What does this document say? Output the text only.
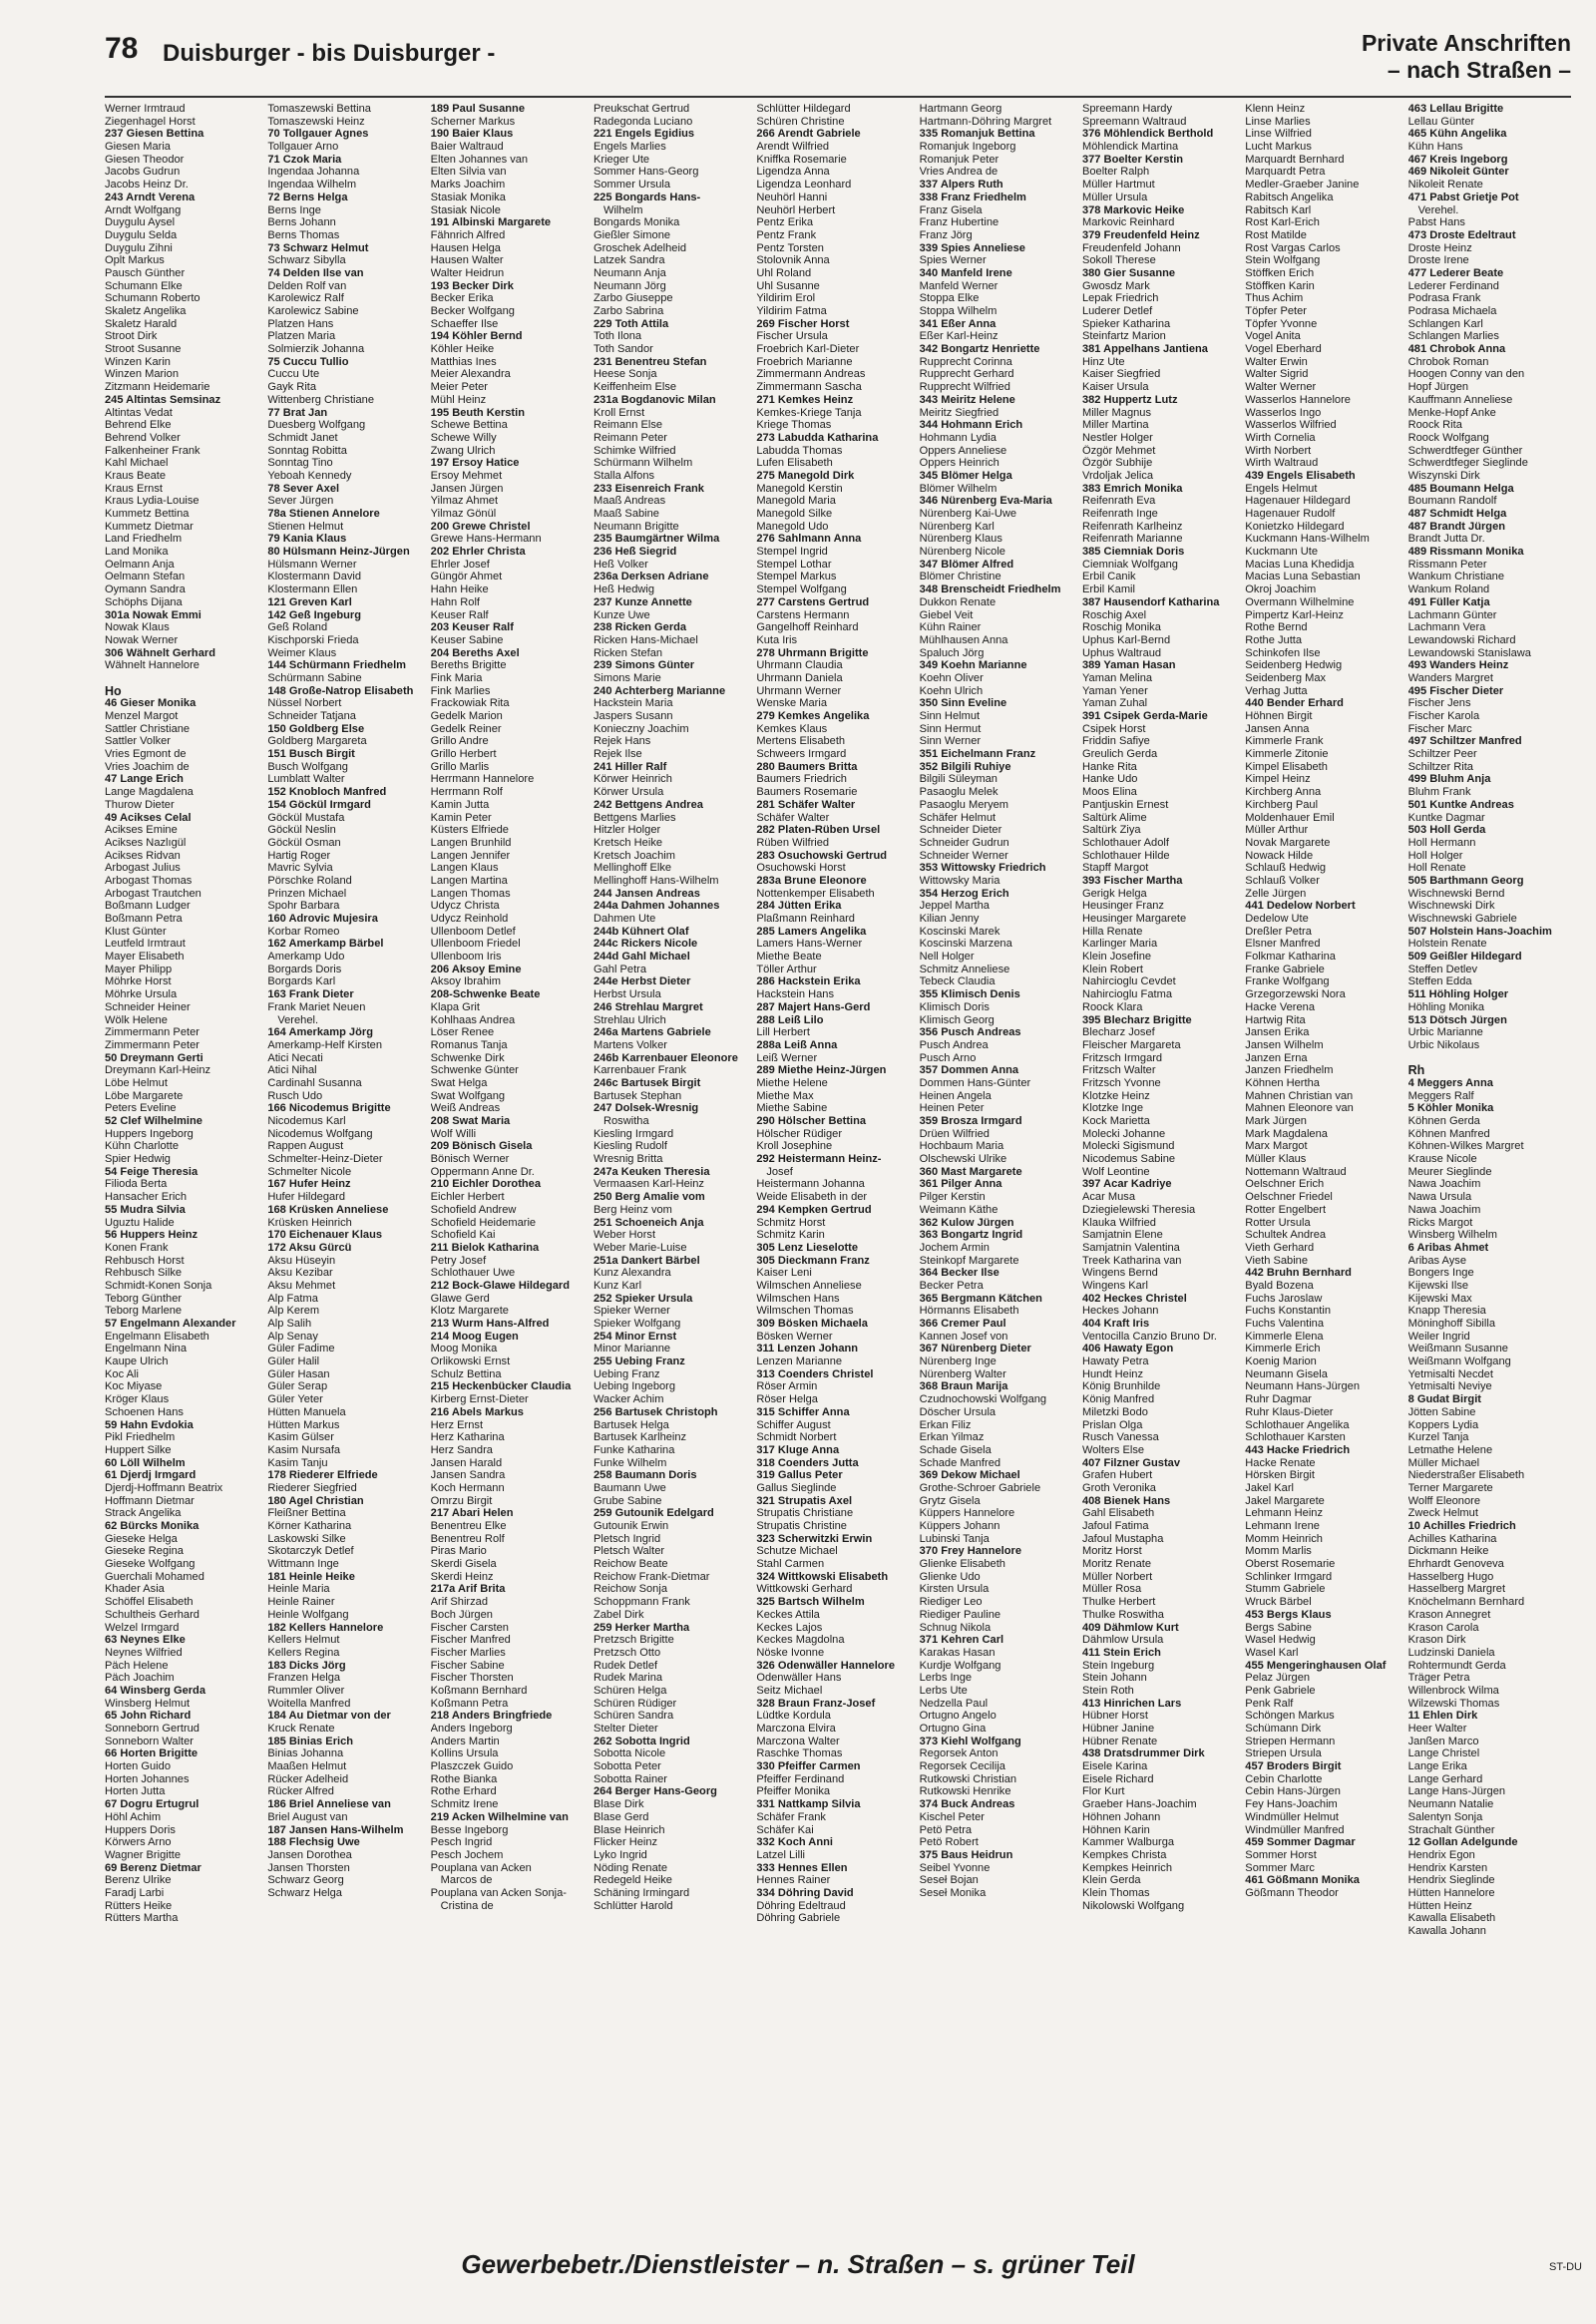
78 Duisburger - bis Duisburger -	Private Anschriften
– nach Straßen –
Werner Irmtraud
Ziegenhagel Horst
237 Giesen Bettina
Giesen Maria
Giesen Theodor
Jacobs Gudrun
Jacobs Heinz Dr.
243 Arndt Verena
Arndt Wolfgang
Duygulu Aysel
Duygulu Selda
Duygulu Zihni
Oplt Markus
Pausch Günther
Schumann Elke
Schumann Roberto
Skaletz Angelika
Skaletz Harald
Stroot Dirk
Stroot Susanne
Winzen Karin
Winzen Marion
Zitzmann Heidemarie
245 Altintas Semsinaz
Altintas Vedat
Behrend Elke
Behrend Volker
Falkenheiner Frank
Kahl Michael
Kraus Beate
Kraus Ernst
Kraus Lydia-Louise
Kummetz Bettina
Kummetz Dietmar
Land Friedhelm
Land Monika
Oelmann Anja
Oelmann Stefan
Oymann Sandra
Schöphs Dijana
301a Nowak Emmi
Nowak Klaus
Nowak Werner
306 Wähnelt Gerhard
Wähnelt Hannelore

Ho
46 Gieser Monika
Menzel Margot
Sattler Christiane
Sattler Volker
Vries Egmont de
Vries Joachim de
47 Lange Erich
Lange Magdalena
Thurow Dieter
49 Acikses Celal
Acikses Emine
Acikses Nazlıgül
Acikses Ridvan
Arbogast Julius
Arbogast Thomas
Arbogast Trautchen
Boßmann Ludger
Boßmann Petra
Klust Günter
Leutfeld Irmtraut
Mayer Elisabeth
Mayer Philipp
Möhrke Horst
Möhrke Ursula
Schneider Heiner
Wölk Helene
Zimmermann Peter
Zimmermann Peter
50 Dreymann Gerti
Dreymann Karl-Heinz
Löbe Helmut
Löbe Margarete
Peters Eveline
52 Clef Wilhelmine
Huppers Ingeborg
Kühn Charlotte
Spier Hedwig
54 Feige Theresia
Filioda Berta
Hansacher Erich
55 Mudra Silvia
Uguztu Halide
56 Huppers Heinz
Konen Frank
Rehbusch Horst
Rehbusch Silke
Schmidt-Konen Sonja
Teborg Günther
Teborg Marlene
57 Engelmann Alexander
Engelmann Elisabeth
Engelmann Nina
Kaupe Ulrich
Koc Ali
Koc Miyase
Kröger Klaus
Schoenen Hans
59 Hahn Evdokia
Pikl Friedhelm
Huppert Silke
60 Löll Wilhelm
61 Djerdj Irmgard
Djerdj-Hoffmann Beatrix
Hoffmann Dietmar
Strack Angelika
62 Bürcks Monika
Gieseke Helga
Gieseke Regina
Gieseke Wolfgang
Guerchali Mohamed
Khader Asia
Schöffel Elisabeth
Schultheis Gerhard
Welzel Irmgard
63 Neynes Elke
Neynes Wilfried
Päch Helene
Päch Joachim
64 Winsberg Gerda
Winsberg Helmut
65 John Richard
Sonneborn Gertrud
Sonneborn Walter
66 Horten Brigitte
Horten Guido
Horten Johannes
Horten Jutta
67 Dogru Ertugrul
Höhl Achim
Huppers Doris
Körwers Arno
Wagner Brigitte
69 Berenz Dietmar
Berenz Ulrike
Faradj Larbi
Rütters Heike
Rütters Martha
Tomaszewski Bettina
Tomaszewski Heinz
70 Tollgauer Agnes
Tollgauer Arno
71 Czok Maria
Ingendaa Johanna
Ingendaa Wilhelm
72 Berns Helga
Berns Inge
Berns Johann
Berns Thomas
73 Schwarz Helmut
Schwarz Sibylla
74 Delden Ilse van
Delden Rolf van
Karolewicz Ralf
Karolewicz Sabine
Platzen Hans
Platzen Maria
Solmierzik Johanna
75 Cuccu Tullio
Cuccu Ute
Gayk Rita
Wittenberg Christiane
77 Brat Jan
Duesberg Wolfgang
Schmidt Janet
Sonntag Robitta
Sonntag Tino
Yeboah Kennedy
78 Sever Axel
Sever Jürgen
78a Stienen Annelore
Stienen Helmut
79 Kania Klaus
80 Hülsmann Heinz-Jürgen
Hülsmann Werner
Klostermann David
Klostermann Ellen
121 Greven Karl
142 Geß Ingeburg
Geß Roland
Kischporski Frieda
Weimer Klaus
144 Schürmann Friedhelm
Schürmann Sabine
148 Große-Natrop Elisabeth
Nüssel Norbert
Schneider Tatjana
150 Goldberg Else
Goldberg Margareta
151 Busch Birgit
Busch Wolfgang
Lumblatt Walter
152 Knobloch Manfred
154 Göckül Irmgard
Göckül Mustafa
Göckül Neslin
Göckül Osman
Hartig Roger
Mavric Sylvia
Pörschke Roland
Prinzen Michael
Spohr Barbara
160 Adrovic Mujesira
Korbar Romeo
162 Amerkamp Bärbel
Amerkamp Udo
Borgards Doris
Borgards Karl
163 Frank Dieter
Frank Mariet Neuen
Verehel.
164 Amerkamp Jörg
Amerkamp-Helf Kirsten
Atici Necati
Atici Nihal
Cardinahl Susanna
Rusch Udo
166 Nicodemus Brigitte
Nicodemus Karl
Nicodemus Wolfgang
Rappen August
Schmelter-Heinz-Dieter
Schmelter Nicole
167 Hufer Heinz
Hufer Hildegard
168 Krüsken Anneliese
Krüsken Heinrich
170 Eichenauer Klaus
172 Aksu Gürcü
Aksu Hüseyin
Aksu Kezibar
Aksu Mehmet
Alp Fatma
Alp Kerem
Alp Salih
Alp Senay
Güler Fadime
Güler Halil
Güler Hasan
Güler Serap
Güler Yeter
Hütten Manuela
Hütten Markus
Kasim Gülser
Kasim Nursafa
Kasim Tanju
178 Riederer Elfriede
Riederer Siegfried
180 Agel Christian
Fleißner Bettina
Körner Katharina
Laskowski Silke
Skotarczyk Detlef
Wittmann Inge
181 Heinle Heike
Heinle Maria
Heinle Rainer
Heinle Wolfgang
182 Kellers Hannelore
Kellers Helmut
Kellers Regina
183 Dicks Jörg
Franzen Helga
Rummler Oliver
Woitella Manfred
184 Au Dietmar von der
Kruck Renate
185 Binias Erich
Binias Johanna
Maaßen Helmut
Rücker Adelheid
Rücker Alfred
186 Briel Anneliese van
Briel August van
187 Jansen Hans-Wilhelm
188 Flechsig Uwe
Jansen Dorothea
Jansen Thorsten
Schwarz Georg
Schwarz Helga
189 Paul Susanne
Scherner Markus
190 Baier Klaus
Baier Waltraud
Elten Johannes van
Elten Silvia van
Marks Joachim
Stasiak Monika
Stasiak Nicole
191 Albinski Margarete
Fähnrich Alfred
Hausen Helga
Hausen Walter
Walter Heidrun
193 Becker Dirk
Becker Erika
Becker Wolfgang
Schaeffer Ilse
194 Köhler Bernd
Köhler Heike
Matthias Ines
Meier Alexandra
Meier Peter
Mühl Heinz
195 Beuth Kerstin
Schewe Bettina
Schewe Willy
Zwang Ulrich
197 Ersoy Hatice
Ersoy Mehmet
Jansen Jürgen
Yilmaz Ahmet
Yilmaz Gönül
200 Grewe Christel
Grewe Hans-Hermann
202 Ehrler Christa
Ehrler Josef
Güngör Ahmet
Hahn Heike
Hahn Rolf
Keuser Ralf
203 Keuser Ralf
Keuser Sabine
204 Bereths Axel
Bereths Brigitte
Fink Maria
Fink Marlies
Frackowiak Rita
Gedelk Marion
Gedelk Reiner
Grillo Andre
Grillo Herbert
Grillo Marlis
Herrmann Hannelore
Herrmann Rolf
Kamin Jutta
Kamin Peter
Küsters Elfriede
Langen Brunhild
Langen Jennifer
Langen Klaus
Langen Martina
Langen Thomas
Udycz Christa
Udycz Reinhold
Ullenboom Detlef
Ullenboom Friedel
Ullenboom Iris
206 Aksoy Emine
Aksoy Ibrahim
208-Schwenke Beate
Klapa Grit
Kohlhaas Andrea
Löser Renee
Romanus Tanja
Schwenke Dirk
Schwenke Günter
Swat Helga
Swat Wolfgang
Weiß Andreas
208 Swat Maria
Wolf Willi
209 Bönisch Gisela
Bönisch Werner
Oppermann Anne Dr.
210 Eichler Dorothea
Eichler Herbert
Schofield Andrew
Schofield Heidemarie
Schofield Kai
211 Bielok Katharina
Petry Josef
Schlothauer Uwe
212 Bock-Glawe Hildegard
Glawe Gerd
Klotz Margarete
213 Wurm Hans-Alfred
214 Moog Eugen
Moog Monika
Orlikowski Ernst
Schulz Bettina
215 Heckenbücker Claudia
Kirberg Ernst-Dieter
216 Abels Markus
Herz Ernst
Herz Katharina
Herz Sandra
Jansen Harald
Jansen Sandra
Koch Hermann
Omrzu Birgit
217 Abari Helen
Benentreu Elke
Benentreu Rolf
Piras Mario
Skerdi Gisela
Skerdi Heinz
217a Arif Brita
Arif Shirzad
Boch Jürgen
Fischer Carsten
Fischer Manfred
Fischer Marlies
Fischer Sabine
Fischer Thorsten
Koßmann Bernhard
Koßmann Petra
218 Anders Bringfriede
Anders Ingeborg
Anders Martin
Kollins Ursula
Plaszczek Guido
Rothe Bianka
Rothe Erhard
Schmitz Irene
219 Acken Wilhelmine van
Besse Ingeborg
Pesch Ingrid
Pesch Jochem
Pouplana van Acken
Marcos de
Pouplana van Acken Sonja-
Cristina de
Preukschat Gertrud
Radegonda Luciano
221 Engels Egidius
Engels Marlies
Krieger Ute
Sommer Hans-Georg
Sommer Ursula
225 Bongards Hans-
Wilhelm
Bongards Monika
Gießler Simone
Groschek Adelheid
Latzek Sandra
Neumann Anja
Neumann Jörg
Zarbo Giuseppe
Zarbo Sabrina
229 Toth Attila
Toth Ilona
Toth Sandor
231 Benentreu Stefan
Heese Sonja
Keiffenheim Else
231a Bogdanovic Milan
Kroll Ernst
Reimann Else
Reimann Peter
Schimke Wilfried
Schürmann Wilhelm
Stalla Alfons
233 Eisenreich Frank
Maaß Andreas
Maaß Sabine
Neumann Brigitte
235 Baumgärtner Wilma
236 Heß Siegrid
Heß Volker
236a Derksen Adriane
Heß Hedwig
237 Kunze Annette
Kunze Uwe
238 Ricken Gerda
Ricken Hans-Michael
Ricken Stefan
239 Simons Günter
Simons Marie
240 Achterberg Marianne
Hackstein Maria
Jaspers Susann
Konieczny Joachim
Rejek Hans
Rejek Ilse
241 Hiller Ralf
Körwer Heinrich
Körwer Ursula
242 Bettgens Andrea
Bettgens Marlies
Hitzler Holger
Kretsch Heike
Kretsch Joachim
Mellinghoff Elke
Mellinghoff Hans-Wilhelm
244 Jansen Andreas
244a Dahmen Johannes
Dahmen Ute
244b Kühnert Olaf
244c Rickers Nicole
244d Gahl Michael
Gahl Petra
244e Herbst Dieter
Herbst Ursula
246 Strehlau Margret
Strehlau Ulrich
246a Martens Gabriele
Martens Volker
246b Karrenbauer Eleonore
Karrenbauer Frank
246c Bartusek Birgit
Bartusek Stephan
247 Dolsek-Wresnig
Roswitha
Kiesling Irmgard
Kiesling Rudolf
Wresnig Britta
247a Keuken Theresia
Vermaasen Karl-Heinz
250 Berg Amalie vom
Berg Heinz vom
251 Schoeneich Anja
Weber Horst
Weber Marie-Luise
251a Dankert Bärbel
Kunz Alexandra
Kunz Karl
252 Spieker Ursula
Spieker Werner
Spieker Wolfgang
254 Minor Ernst
Minor Marianne
255 Uebing Franz
Uebing Franz
Uebing Ingeborg
Wacker Achim
256 Bartusek Christoph
Bartusek Helga
Bartusek Karlheinz
Funke Katharina
Funke Wilhelm
258 Baumann Doris
Baumann Uwe
Grube Sabine
259 Gutounik Edelgard
Gutounik Erwin
Pletsch Ingrid
Pletsch Walter
Reichow Beate
Reichow Frank-Dietmar
Reichow Sonja
Schoppmann Frank
Zabel Dirk
259 Herker Martha
Pretzsch Brigitte
Pretzsch Otto
Rudek Detlef
Rudek Marina
Schüren Helga
Schüren Rüdiger
Schüren Sandra
Stelter Dieter
262 Sobotta Ingrid
Sobotta Nicole
Sobotta Peter
Sobotta Rainer
264 Berger Hans-Georg
Blase Dirk
Blase Gerd
Blase Heinrich
Flicker Heinz
Lyko Ingrid
Nöding Renate
Redegeld Heike
Schäning Irmingard
Schlütter Harold
Schlütter Hildegard
Schüren Christine
266 Arendt Gabriele
Arendt Wilfried
Kniffka Rosemarie
Ligendza Anna
Ligendza Leonhard
Neuhörl Hanni
Neuhörl Herbert
Pentz Erika
Pentz Frank
Pentz Torsten
Stolovnik Anna
Uhl Roland
Uhl Susanne
Yildirim Erol
Yildirim Fatma
269 Fischer Horst
Fischer Ursula
Froebrich Karl-Dieter
Froebrich Marianne
Zimmermann Andreas
Zimmermann Sascha
271 Kemkes Heinz
Kemkes-Kriege Tanja
Kriege Thomas
273 Labudda Katharina
Labudda Thomas
Lufen Elisabeth
275 Manegold Dirk
Manegold Kerstin
Manegold Maria
Manegold Silke
Manegold Udo
276 Sahlmann Anna
Stempel Ingrid
Stempel Lothar
Stempel Markus
Stempel Wolfgang
277 Carstens Gertrud
Carstens Hermann
Gangelhoff Reinhard
Kuta Iris
278 Uhrmann Brigitte
Uhrmann Claudia
Uhrmann Daniela
Uhrmann Werner
Wenske Maria
279 Kemkes Angelika
Kemkes Klaus
Mertens Elisabeth
Schweers Irmgard
280 Baumers Britta
Baumers Friedrich
Baumers Rosemarie
281 Schäfer Walter
Schäfer Walter
282 Platen-Rüben Ursel
Rüben Wilfried
283 Osuchowski Gertrud
Osuchowski Horst
283a Brune Eleonore
Nottenkemper Elisabeth
284 Jütten Erika
Plaßmann Reinhard
285 Lamers Angelika
Lamers Hans-Werner
Miethe Beate
Töller Arthur
286 Hackstein Erika
Hackstein Hans
287 Majert Hans-Gerd
288 Leiß Lilo
Lill Herbert
288a Leiß Anna
Leiß Werner
289 Miethe Heinz-Jürgen
Miethe Helene
Miethe Max
Miethe Sabine
290 Hölscher Bettina
Hölscher Rüdiger
Kroll Josephine
292 Heistermann Heinz-
Josef
Heistermann Johanna
Weide Elisabeth in der
294 Kempken Gertrud
Schmitz Horst
Schmitz Karin
305 Lenz Lieselotte
305 Dieckmann Franz
Kaiser Leni
Wilmschen Anneliese
Wilmschen Hans
Wilmschen Thomas
309 Bösken Michaela
Bösken Werner
311 Lenzen Johann
Lenzen Marianne
313 Coenders Christel
Röser Armin
Röser Helga
315 Schiffer Anna
Schiffer August
Schmidt Norbert
317 Kluge Anna
318 Coenders Jutta
319 Gallus Peter
Gallus Sieglinde
321 Strupatis Axel
Strupatis Christiane
Strupatis Christine
323 Scherwitzki Erwin
Schutze Michael
Stahl Carmen
324 Wittkowski Elisabeth
Wittkowski Gerhard
325 Bartsch Wilhelm
Keckes Attila
Keckes Lajos
Keckes Magdolna
Nöske Ivonne
326 Odenwäller Hannelore
Odenwäller Hans
Seitz Michael
328 Braun Franz-Josef
Lüdtke Kordula
Marczona Elvira
Marczona Walter
Raschke Thomas
330 Pfeiffer Carmen
Pfeiffer Ferdinand
Pfeiffer Monika
331 Nattkamp Silvia
Schäfer Frank
Schäfer Kai
332 Koch Anni
Latzel Lilli
333 Hennes Ellen
Hennes Rainer
334 Döhring David
Döhring Edeltraud
Döhring Gabriele
Hartmann Georg
Hartmann-Döhring Margret
335 Romanjuk Bettina
Romanjuk Ingeborg
Romanjuk Peter
Vries Andrea de
337 Alpers Ruth
338 Franz Friedhelm
Franz Gisela
Franz Hubertine
Franz Jörg
339 Spies Anneliese
Spies Werner
340 Manfeld Irene
Manfeld Werner
Stoppa Elke
Stoppa Wilhelm
341 Eßer Anna
Eßer Karl-Heinz
342 Bongartz Henriette
Rupprecht Corinna
Rupprecht Gerhard
Rupprecht Wilfried
343 Meiritz Helene
Meiritz Siegfried
344 Hohmann Erich
Hohmann Lydia
Oppers Anneliese
Oppers Heinrich
345 Blömer Helga
Blömer Wilhelm
346 Nürenberg Eva-Maria
Nürenberg Kai-Uwe
Nürenberg Karl
Nürenberg Klaus
Nürenberg Nicole
347 Blömer Alfred
Blömer Christine
348 Brenscheidt Friedhelm
Dukkon Renate
Giebel Veit
Kühn Rainer
Mühlhausen Anna
Spaluch Jörg
349 Koehn Marianne
Koehn Oliver
Koehn Ulrich
350 Sinn Eveline
Sinn Helmut
Sinn Hermut
Sinn Werner
351 Eichelmann Franz
352 Bilgili Ruhiye
Bilgili Süleyman
Pasaoglu Melek
Pasaoglu Meryem
Schäfer Helmut
Schneider Dieter
Schneider Gudrun
Schneider Werner
353 Wittowsky Friedrich
Wittowsky Maria
354 Herzog Erich
Jeppel Martha
Kilian Jenny
Koscinski Marek
Koscinski Marzena
Nell Holger
Schmitz Anneliese
Tebeck Claudia
355 Klimisch Denis
Klimisch Doris
Klimisch Georg
356 Pusch Andreas
Pusch Andrea
Pusch Arno
357 Dommen Anna
Dommen Hans-Günter
Heinen Angela
Heinen Peter
359 Brosza Irmgard
Drüen Wilfried
Hochbaum Maria
Olschewski Ulrike
360 Mast Margarete
361 Pilger Anna
Pilger Kerstin
Weimann Käthe
362 Kulow Jürgen
363 Bongartz Ingrid
Jochem Armin
Steinkopf Margarete
364 Becker Ilse
Becker Petra
365 Bergmann Kätchen
Hörmanns Elisabeth
366 Cremer Paul
Kannen Josef von
367 Nürenberg Dieter
Nürenberg Inge
Nürenberg Walter
368 Braun Marija
Czudnochowski Wolfgang
Döscher Ursula
Erkan Filiz
Erkan Yilmaz
Schade Gisela
Schade Manfred
369 Dekow Michael
Grothe-Schroer Gabriele
Grytz Gisela
Küppers Hannelore
Küppers Johann
Lubinski Tanja
370 Frey Hannelore
Glienke Elisabeth
Glienke Udo
Kirsten Ursula
Riediger Leo
Riediger Pauline
Schnug Nikola
371 Kehren Carl
Karakas Hasan
Kurdje Wolfgang
Lerbs Inge
Lerbs Ute
Nedzella Paul
Ortugno Angelo
Ortugno Gina
373 Kiehl Wolfgang
Regorsek Anton
Regorsek Cecilija
Rutkowski Christian
Rutkowski Henrike
374 Buck Andreas
Kischel Peter
Petö Petra
Petö Robert
375 Baus Heidrun
Seibel Yvonne
Seseł Bojan
Seseł Monika
Spreemann Hardy
Spreemann Waltraud
376 Möhlendick Berthold
Möhlendick Martina
377 Boelter Kerstin
Boelter Ralph
Müller Hartmut
Müller Ursula
378 Markovic Heike
Markovic Reinhard
379 Freudenfeld Heinz
Freudenfeld Johann
Sokoll Therese
380 Gier Susanne
Gwosdz Mark
Lepak Friedrich
Luderer Detlef
Spieker Katharina
Steinfartz Marion
381 Appelhans Jantiena
Hinz Ute
Kaiser Siegfried
Kaiser Ursula
382 Huppertz Lutz
Miller Magnus
Miller Martina
Nestler Holger
Özgör Mehmet
Özgör Subhije
Vrdoljak Jelica
383 Emrich Monika
Reifenrath Eva
Reifenrath Inge
Reifenrath Karlheinz
Reifenrath Marianne
385 Ciemniak Doris
Ciemniak Wolfgang
Erbil Canik
Erbil Kamil
387 Hausendorf Katharina
Roschig Axel
Roschig Monika
Uphus Karl-Bernd
Uphus Waltraud
389 Yaman Hasan
Yaman Melina
Yaman Yener
Yaman Zuhal
391 Csipek Gerda-Marie
Csipek Horst
Friddin Safiye
Greulich Gerda
Hanke Rita
Hanke Udo
Moos Elina
Pantjuskin Ernest
Saltürk Alime
Saltürk Ziya
Schlothauer Adolf
Schlothauer Hilde
Stapff Margot
393 Fischer Martha
Gerigk Helga
Heusinger Franz
Heusinger Margarete
Hilla Renate
Karlinger Maria
Klein Josefine
Klein Robert
Nahircioglu Cevdet
Nahircioglu Fatma
Roock Klara
395 Blecharz Brigitte
Blecharz Josef
Fleischer Margareta
Fritzsch Irmgard
Fritzsch Walter
Fritzsch Yvonne
Klotzke Heinz
Klotzke Inge
Kock Marietta
Molecki Johanne
Molecki Sigismund
Nicodemus Sabine
Wolf Leontine
397 Acar Kadriye
Acar Musa
Dziegielewski Theresia
Klauka Wilfried
Samjatnin Elene
Samjatnin Valentina
Treek Katharina van
Wingens Bernd
Wingens Karl
402 Heckes Christel
Heckes Johann
404 Kraft Iris
Ventocilla Canzio Bruno Dr.
406 Hawaty Egon
Hawaty Petra
Hundt Heinz
König Brunhilde
König Manfred
Miletzki Bodo
Prislan Olga
Rusch Vanessa
Wolters Else
407 Filzner Gustav
Grafen Hubert
Groth Veronika
408 Bienek Hans
Gahl Elisabeth
Jafoul Fatima
Jafoul Mustapha
Moritz Horst
Moritz Renate
Müller Norbert
Müller Rosa
Thulke Herbert
Thulke Roswitha
409 Dähmlow Kurt
Dähmlow Ursula
411 Stein Erich
Stein Ingeburg
Stein Johann
Stein Roth
413 Hinrichen Lars
Hübner Horst
Hübner Janine
Hübner Renate
438 Dratsdrummer Dirk
Eisele Karina
Eisele Richard
Flor Kurt
Graeber Hans-Joachim
Höhnen Johann
Höhnen Karin
Kammer Walburga
Kempkes Christa
Kempkes Heinrich
Klein Gerda
Klein Thomas
Nikolowski Wolfgang
Klenn Heinz
Linse Marlies
Linse Wilfried
Lucht Markus
Marquardt Bernhard
Marquardt Petra
Medler-Graeber Janine
Rabitsch Angelika
Rabitsch Karl
Rost Karl-Erich
Rost Matilde
Rost Vargas Carlos
Stein Wolfgang
Stöffken Erich
Stöffken Karin
Thus Achim
Töpfer Peter
Töpfer Yvonne
Vogel Anita
Vogel Eberhard
Walter Erwin
Walter Sigrid
Walter Werner
Wasserlos Hannelore
Wasserlos Ingo
Wasserlos Wilfried
Wirth Cornelia
Wirth Norbert
Wirth Waltraud
439 Engels Elisabeth
Engels Helmut
Hagenauer Hildegard
Hagenauer Rudolf
Konietzko Hildegard
Kuckmann Hans-Wilhelm
Kuckmann Ute
Macias Luna Khedidja
Macias Luna Sebastian
Okroj Joachim
Overmann Wilhelmine
Pimpertz Karl-Heinz
Rothe Bernd
Rothe Jutta
Schinkofen Ilse
Seidenberg Hedwig
Seidenberg Max
Verhag Jutta
440 Bender Erhard
Höhnen Birgit
Jansen Anna
Kimmerle Frank
Kimmerle Zitonie
Kimpel Elisabeth
Kimpel Heinz
Kirchberg Anna
Kirchberg Paul
Moldenhauer Emil
Müller Arthur
Novak Margarete
Nowack Hilde
Schlauß Hedwig
Schlauß Volker
Zelle Jürgen
441 Dedelow Norbert
Dedelow Ute
Dreßler Petra
Elsner Manfred
Folkmar Katharina
Franke Gabriele
Franke Wolfgang
Grzegorzewski Nora
Hacke Verena
Hartwig Rita
Jansen Erika
Jansen Wilhelm
Janzen Erna
Janzen Friedhelm
Köhnen Hertha
Mahnen Christian van
Mahnen Eleonore van
Mark Jürgen
Mark Magdalena
Marx Margot
Müller Klaus
Nottemann Waltraud
Oelschner Erich
Oelschner Friedel
Rotter Engelbert
Rotter Ursula
Schultek Andrea
Vieth Gerhard
Vieth Sabine
442 Bruhn Bernhard
Byald Bozena
Fuchs Jaroslaw
Fuchs Konstantin
Fuchs Valentina
Kimmerle Elena
Kimmerle Erich
Koenig Marion
Neumann Gisela
Neumann Hans-Jürgen
Ruhr Dagmar
Ruhr Klaus-Dieter
Schlothauer Angelika
Schlothauer Karsten
443 Hacke Friedrich
Hacke Renate
Hörsken Birgit
Jakel Karl
Jakel Margarete
Lehmann Heinz
Lehmann Irene
Momm Heinrich
Momm Marlis
Oberst Rosemarie
Schlinker Irmgard
Stumm Gabriele
Wruck Bärbel
453 Bergs Klaus
Bergs Sabine
Wasel Hedwig
Wasel Karl
455 Mengeringhausen Olaf
Pelaz Jürgen
Penk Gabriele
Penk Ralf
Schöngen Markus
Schümann Dirk
Striepen Hermann
Striepen Ursula
457 Broders Birgit
Cebin Charlotte
Cebin Hans-Jürgen
Fey Hans-Joachim
Windmüller Helmut
Windmüller Manfred
459 Sommer Dagmar
Sommer Horst
Sommer Marc
461 Gößmann Monika
Gößmann Theodor
463 Lellau Brigitte
Lellau Günter
465 Kühn Angelika
Kühn Hans
467 Kreis Ingeborg
469 Nikoleit Günter
Nikoleit Renate
471 Pabst Grietje Pot
Verehel.
Pabst Hans
473 Droste Edeltraut
Droste Heinz
Droste Irene
477 Lederer Beate
Lederer Ferdinand
Podrasa Frank
Podrasa Michaela
Schlangen Karl
Schlangen Marlies
481 Chrobok Anna
Chrobok Roman
Hoogen Conny van den
Hopf Jürgen
Kauffmann Anneliese
Menke-Hopf Anke
Roock Rita
Roock Wolfgang
Schwerdtfeger Günther
Schwerdtfeger Sieglinde
Wiszynski Dirk
485 Boumann Helga
Boumann Randolf
487 Schmidt Helga
487 Brandt Jürgen
Brandt Jutta Dr.
489 Rissmann Monika
Rissmann Peter
Wankum Christiane
Wankum Roland
491 Füller Katja
Lachmann Günter
Lachmann Vera
Lewandowski Richard
Lewandowski Stanislawa
493 Wanders Heinz
Wanders Margret
495 Fischer Dieter
Fischer Jens
Fischer Karola
Fischer Marc
497 Schiltzer Manfred
Schiltzer Peer
Schiltzer Rita
499 Bluhm Anja
Bluhm Frank
501 Kuntke Andreas
Kuntke Dagmar
503 Holl Gerda
Holl Hermann
Holl Holger
Holl Renate
505 Barthmann Georg
Wischnewski Bernd
Wischnewski Dirk
Wischnewski Gabriele
507 Holstein Hans-Joachim
Holstein Renate
509 Geißler Hildegard
Steffen Detlev
Steffen Edda
511 Höhling Holger
Höhling Monika
513 Dötsch Jürgen
Urbic Marianne
Urbic Nikolaus

Rh
4 Meggers Anna
Meggers Ralf
5 Köhler Monika
Köhnen Gerda
Köhnen Manfred
Köhnen-Wilkes Margret
Krause Nicole
Meurer Sieglinde
Nawa Joachim
Nawa Ursula
Nawa Joachim
Ricks Margot
Winsberg Wilhelm
6 Aribas Ahmet
Aribas Ayse
Bongers Inge
Kijewski Ilse
Kijewski Max
Knapp Theresia
Möninghoff Sibilla
Weiler Ingrid
Weißmann Susanne
Weißmann Wolfgang
Yetmisalti Necdet
Yetmisalti Neviye
8 Gudat Birgit
Jötten Sabine
Koppers Lydia
Kurzel Tanja
Letmathe Helene
Müller Michael
Niederstraßer Elisabeth
Terner Margarete
Wolff Eleonore
Zweck Helmut
10 Achilles Friedrich
Achilles Katharina
Dickmann Heike
Ehrhardt Genoveva
Hasselberg Hugo
Hasselberg Margret
Knöchelmann Bernhard
Krason Annegret
Krason Carola
Krason Dirk
Ludzinski Daniela
Rohtermundt Gerda
Träger Petra
Willenbrock Wilma
Wilzewski Thomas
11 Ehlen Dirk
Heer Walter
Janßen Marco
Lange Christel
Lange Erika
Lange Gerhard
Lange Hans-Jürgen
Neumann Natalie
Salentyn Sonja
Strachalt Günther
12 Gollan Adelgunde
Hendrix Egon
Hendrix Karsten
Hendrix Sieglinde
Hütten Hannelore
Hütten Heinz
Kawalla Elisabeth
Kawalla Johann
Gewerbebetr./Dienstleister – n. Straßen – s. grüner Teil	ST-DU
